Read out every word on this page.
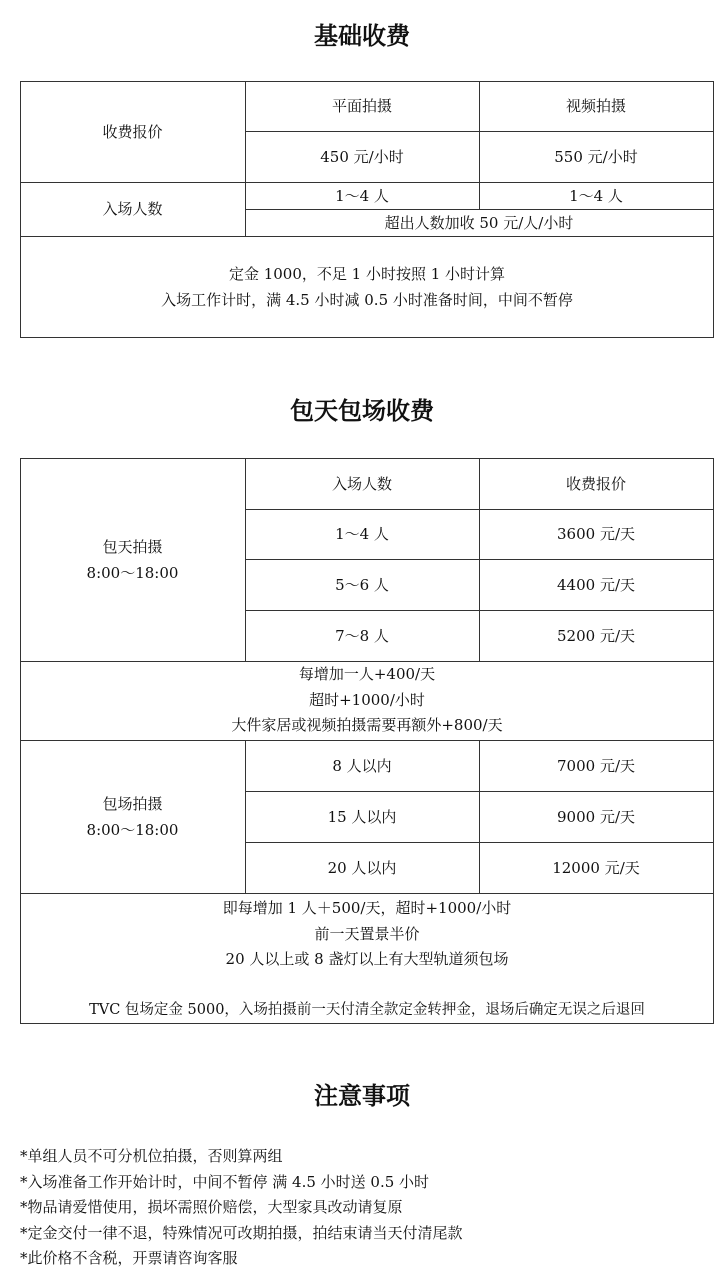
基础收费
收费报价
平面拍摄	视频拍摄
450 元/小时	550 元/小时
入场人数
1～4 人	1～4 人
超出人数加收 50 元/人/小时
定金 1000，不足 1 小时按照 1 小时计算
入场工作计时，满 4.5 小时减 0.5 小时准备时间，中间不暂停
包天包场收费
入场人数	收费报价
包天拍摄
8:00～18:00
1～4 人	3600 元/天
5～6 人	4400 元/天
7～8 人	5200 元/天
每增加一人+400/天
超时+1000/小时
大件家居或视频拍摄需要再额外+800/天
包场拍摄
8:00～18:00
8 人以内	7000 元/天
15 人以内	9000 元/天
20 人以内	12000 元/天
即每增加 1 人＋500/天，超时+1000/小时
前一天置景半价
20 人以上或 8 盏灯以上有大型轨道须包场
TVC 包场定金 5000，入场拍摄前一天付清全款定金转押金，退场后确定无误之后退回
注意事项
*单组人员不可分机位拍摄，否则算两组
*入场准备工作开始计时，中间不暂停 满 4.5 小时送 0.5 小时
*物品请爱惜使用，损坏需照价赔偿，大型家具改动请复原
*定金交付一律不退，特殊情况可改期拍摄，拍结束请当天付清尾款
*此价格不含税，开票请咨询客服
